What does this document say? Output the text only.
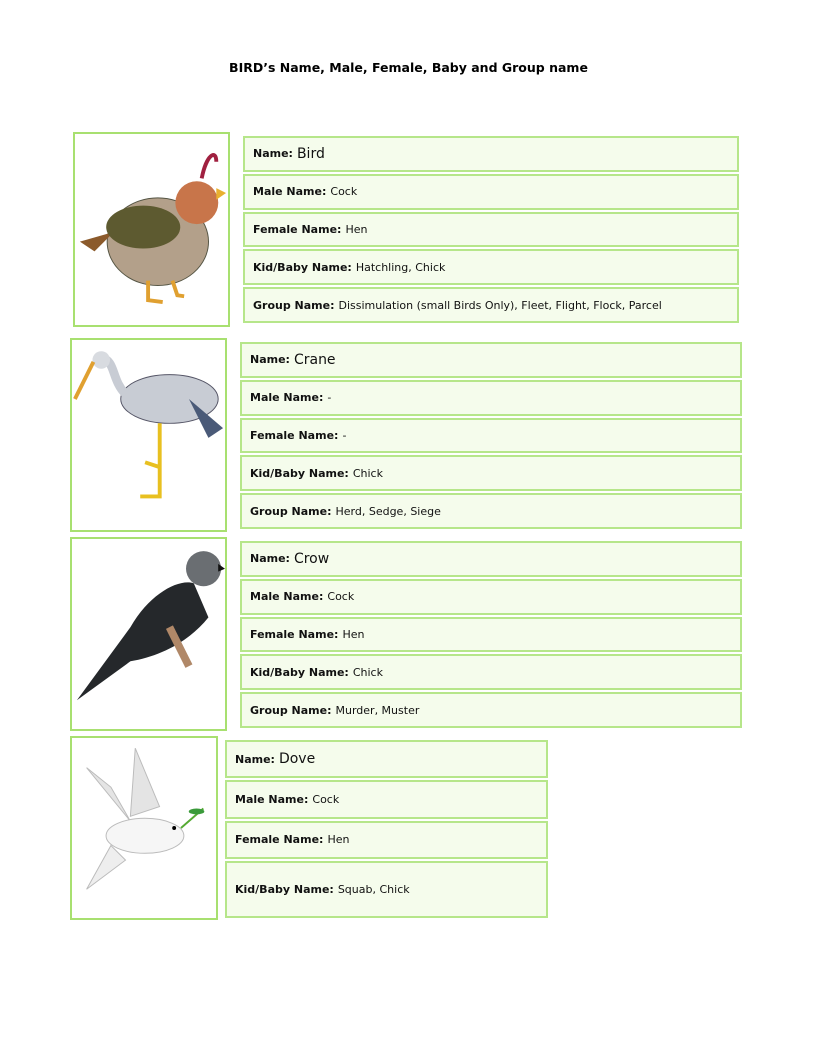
BIRD’s Name, Male, Female, Baby and Group name
Name: Bird
Male Name: Cock
Female Name: Hen
Kid/Baby Name: Hatchling, Chick
Group Name: Dissimulation (small Birds Only), Fleet, Flight, Flock, Parcel
Name: Crane
Male Name: -
Female Name: -
Kid/Baby Name: Chick
Group Name: Herd, Sedge, Siege
Name: Crow
Male Name: Cock
Female Name: Hen
Kid/Baby Name: Chick
Group Name: Murder, Muster
Name: Dove
Male Name: Cock
Female Name: Hen
Kid/Baby Name: Squab, Chick
